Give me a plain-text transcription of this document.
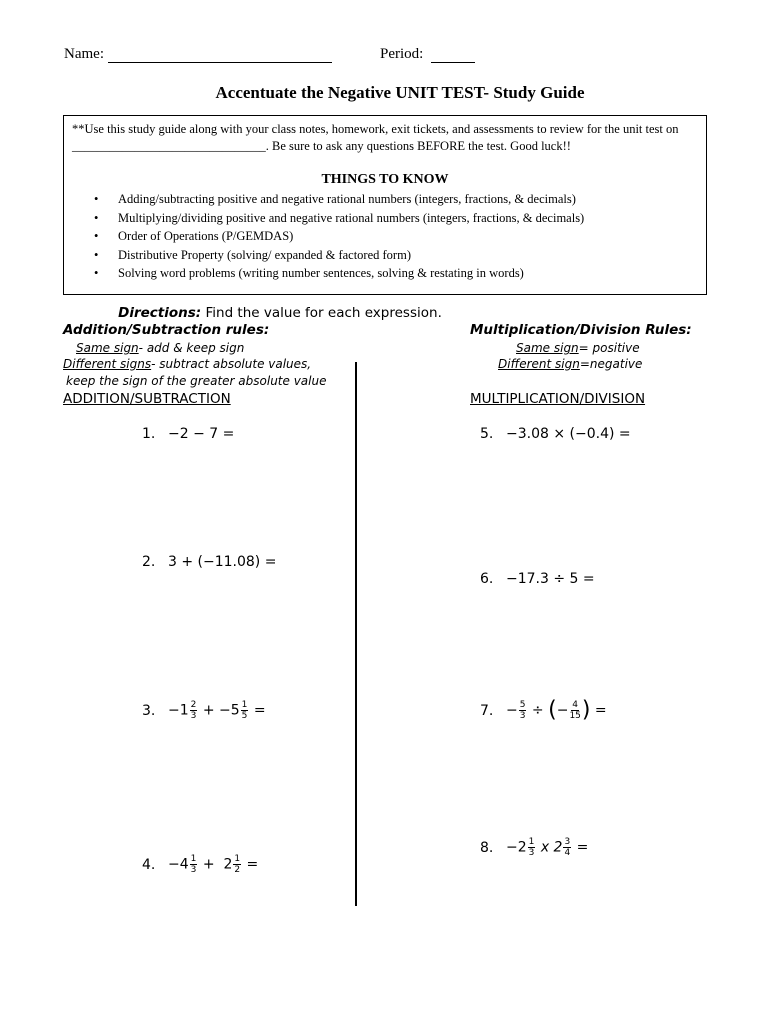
Name:	Period:
Accentuate the Negative UNIT TEST- Study Guide
**Use this study guide along with your class notes, homework, exit tickets, and assessments to review for the unit test on _______________________________. Be sure to ask any questions BEFORE the test. Good luck!!
THINGS TO KNOW
• Adding/subtracting positive and negative rational numbers (integers, fractions, & decimals)
• Multiplying/dividing positive and negative rational numbers (integers, fractions, & decimals)
• Order of Operations (P/GEMDAS)
• Distributive Property (solving/ expanded & factored form)
• Solving word problems (writing number sentences, solving & restating in words)
Directions: Find the value for each expression.
Addition/Subtraction rules:
Same sign- add & keep sign
Different signs- subtract absolute values,
keep the sign of the greater absolute value
Multiplication/Division Rules:
Same sign= positive
Different sign=negative
ADDITION/SUBTRACTION	MULTIPLICATION/DIVISION
1. −2 − 7 =
2. 3 + (−11.08) =
3. $-1 \frac{2}{3} + -5 \frac{1}{5}$ =
4. $-4 \frac{1}{3} + 2 \frac{1}{2}$ =
5. −3.08 × (−0.4) =
6. −17.3 ÷ 5 =
7. − $\frac{5}{3}$ ÷ (− $\frac{4}{15}$ ) =
8. $-2 \frac{1}{3}$ x $2 \frac{3}{4}$ =
